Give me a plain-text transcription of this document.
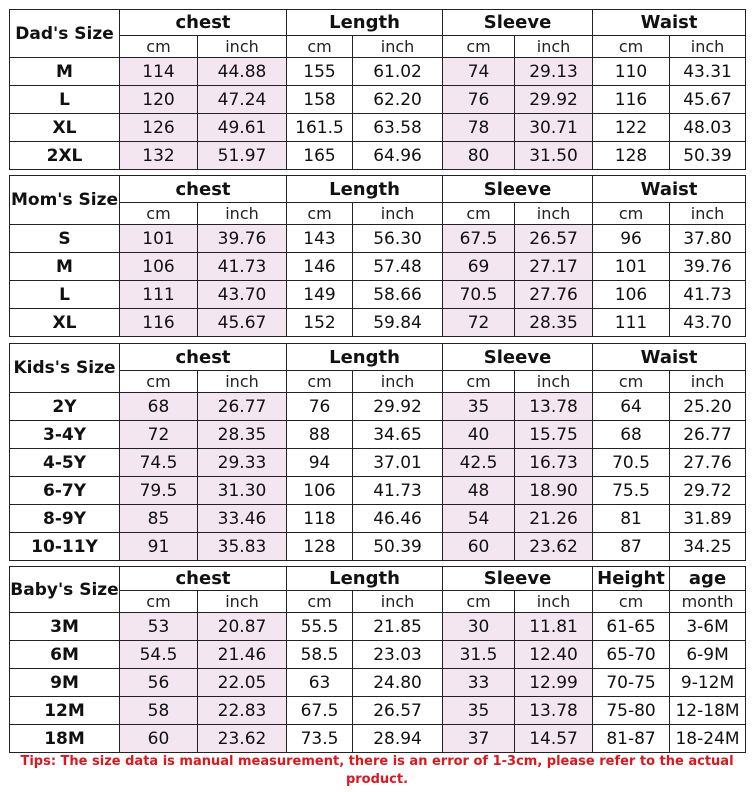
Dad's Size	chest		Length		Sleeve		Waist	
	cm	inch	cm	inch	cm	inch	cm	inch
M	114	44.88	155	61.02	74	29.13	110	43.31
L	120	47.24	158	62.20	76	29.92	116	45.67
XL	126	49.61	161.5	63.58	78	30.71	122	48.03
2XL	132	51.97	165	64.96	80	31.50	128	50.39
Mom's Size	chest		Length		Sleeve		Waist	
	cm	inch	cm	inch	cm	inch	cm	inch
S	101	39.76	143	56.30	67.5	26.57	96	37.80
M	106	41.73	146	57.48	69	27.17	101	39.76
L	111	43.70	149	58.66	70.5	27.76	106	41.73
XL	116	45.67	152	59.84	72	28.35	111	43.70
Kids's Size	chest		Length		Sleeve		Waist	
	cm	inch	cm	inch	cm	inch	cm	inch
2Y	68	26.77	76	29.92	35	13.78	64	25.20
3-4Y	72	28.35	88	34.65	40	15.75	68	26.77
4-5Y	74.5	29.33	94	37.01	42.5	16.73	70.5	27.76
6-7Y	79.5	31.30	106	41.73	48	18.90	75.5	29.72
8-9Y	85	33.46	118	46.46	54	21.26	81	31.89
10-11Y	91	35.83	128	50.39	60	23.62	87	34.25
Baby's Size	chest		Length		Sleeve		Height	age
	cm	inch	cm	inch	cm	inch	cm	month
3M	53	20.87	55.5	21.85	30	11.81	61-65	3-6M
6M	54.5	21.46	58.5	23.03	31.5	12.40	65-70	6-9M
9M	56	22.05	63	24.80	33	12.99	70-75	9-12M
12M	58	22.83	67.5	26.57	35	13.78	75-80	12-18M
18M	60	23.62	73.5	28.94	37	14.57	81-87	18-24M
Tips: The size data is manual measurement, there is an error of 1-3cm, please refer to the actual product.
